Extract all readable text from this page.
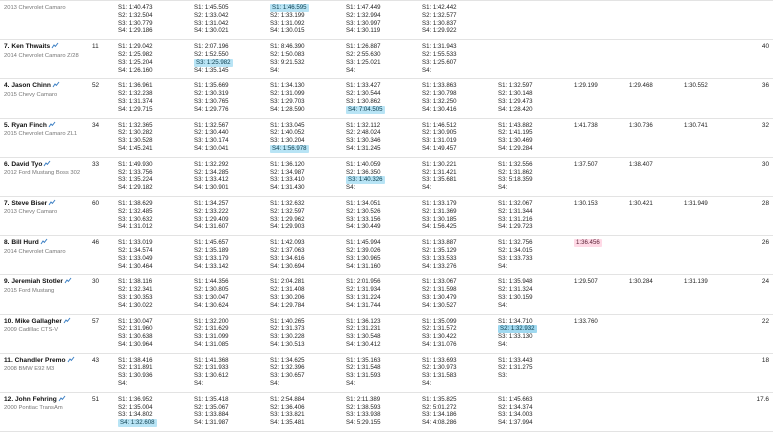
2013 Chevrolet Camaro		S1: 1:40.473
S2: 1:32.504
S3: 1:30.779
S4: 1:29.186

S1: 1:45.505
S2: 1:33.042
S3: 1:31.042
S4: 1:30.021

S1: 1:46.595
S2: 1:33.199
S3: 1:31.092
S4: 1:30.015

S1: 1:47.449
S2: 1:32.994
S3: 1:30.997
S4: 1:30.119

S1: 1:42.442
S2: 1:32.577
S3: 1:30.837
S4: 1:29.922

7. Ken Thwaits
2014 Chevrolet Camaro Z/28
	11	S1: 1:29.042
S2: 1:25.982
S3: 1:25.204
S4: 1:26.160

S1: 2:07.196
S2: 1:52.550
S3: 1:25.982
S4: 1:35.145

S1: 8:46.390
S2: 1:50.083
S3: 9:21.532
S4:

S1: 1:26.887
S2: 2:55.630
S3: 1:25.021
S4:

S1: 1:31.943
S2: 1:55.533
S3: 1:25.607
S4:
					40

4. Jason Chinn
2015 Chevy Camaro
	52	S1: 1:36.961
S2: 1:32.238
S3: 1:31.374
S4: 1:29.715

S1: 1:35.669
S2: 1:30.319
S3: 1:30.765
S4: 1:29.776

S1: 1:34.130
S2: 1:31.099
S3: 1:29.703
S4: 1:28.590

S1: 1:33.427
S2: 1:30.544
S3: 1:30.862
S4: 7:04.505

S1: 1:33.863
S2: 1:30.798
S3: 1:32.250
S4: 1:30.416

S1: 1:32.597
S2: 1:30.148
S3: 1:29.473
S4: 1:28.420

1:29.199	1:29.468	1:30.552	36

5. Ryan Finch
2015 Chevrolet Camaro ZL1
	34	S1: 1:32.365
S2: 1:30.282
S3: 1:30.528
S4: 1:45.241

S1: 1:32.567
S2: 1:30.440
S3: 1:30.174
S4: 1:30.041

S1: 1:33.045
S2: 1:40.052
S3: 1:30.204
S4: 1:56.978

S1: 1:32.112
S2: 2:48.024
S3: 1:30.346
S4: 1:31.245

S1: 1:46.512
S2: 1:30.905
S3: 1:31.019
S4: 1:49.457

S1: 1:43.882
S2: 1:41.195
S3: 1:30.469
S4: 1:29.284

1:41.738	1:30.736	1:30.741	32

6. David Tyo
2012 Ford Mustang Boss 302
	33	S1: 1:49.930
S2: 1:33.756
S3: 1:35.224
S4: 1:29.182

S1: 1:32.292
S2: 1:34.285
S3: 1:33.412
S4: 1:30.901

S1: 1:36.120
S2: 1:34.987
S3: 1:33.410
S4: 1:31.430

S1: 1:40.059
S2: 1:36.350
S3: 1:40.326
S4:

S1: 1:30.221
S2: 1:31.421
S3: 1:35.681
S4:

S1: 1:32.556
S2: 1:31.862
S3: 5:18.359
S4:

1:37.507	1:38.407		30

7. Steve Biser
2013 Chevy Camaro
	60	S1: 1:38.629
S2: 1:32.485
S3: 1:30.632
S4: 1:31.012

S1: 1:34.257
S2: 1:33.222
S3: 1:29.409
S4: 1:31.607

S1: 1:32.632
S2: 1:32.597
S3: 1:29.962
S4: 1:29.903

S1: 1:34.051
S2: 1:30.526
S3: 1:33.156
S4: 1:30.449

S1: 1:33.179
S2: 1:31.369
S3: 1:30.185
S4: 1:56.425

S1: 1:32.067
S2: 1:31.344
S3: 1:31.216
S4: 1:29.723

1:30.153	1:30.421	1:31.949	28

8. Bill Hurd
2014 Chevrolet Camaro
	46	S1: 1:33.019
S2: 1:34.574
S3: 1:33.049
S4: 1:30.464

S1: 1:45.657
S2: 1:35.189
S3: 1:33.179
S4: 1:33.142

S1: 1:42.093
S2: 1:37.063
S3: 1:34.616
S4: 1:30.694

S1: 1:45.994
S2: 1:39.026
S3: 1:30.965
S4: 1:31.160

S1: 1:33.887
S2: 1:35.129
S3: 1:33.533
S4: 1:33.276

S1: 1:32.756
S2: 1:34.015
S3: 1:33.733
S4:

1:36.456			26

9. Jeremiah Stotler
2015 Ford Mustang
	30	S1: 1:38.116
S2: 1:32.341
S3: 1:30.353
S4: 1:30.022

S1: 1:44.356
S2: 1:30.805
S3: 1:30.047
S4: 1:30.624

S1: 2:04.281
S2: 1:31.408
S3: 1:30.206
S4: 1:29.784

S1: 2:01.956
S2: 1:31.934
S3: 1:31.224
S4: 1:31.744

S1: 1:33.067
S2: 1:31.598
S3: 1:30.479
S4: 1:30.527

S1: 1:35.948
S2: 1:31.324
S3: 1:30.159
S4:

1:29.507	1:30.284	1:31.139	24

10. Mike Gallagher
2009 Cadillac CTS-V
	57	S1: 1:30.047
S2: 1:31.960
S3: 1:30.638
S4: 1:30.964

S1: 1:32.200
S2: 1:31.629
S3: 1:31.099
S4: 1:31.085

S1: 1:40.265
S2: 1:31.373
S3: 1:30.228
S4: 1:30.513

S1: 1:36.123
S2: 1:31.231
S3: 1:30.548
S4: 1:30.412

S1: 1:35.099
S2: 1:31.572
S3: 1:30.422
S4: 1:31.076

S1: 1:34.710
S2: 1:32.932
S3: 1:33.130
S4:

1:33.760			22

11. Chandler Premo
2008 BMW E92 M3
	43	S1: 1:38.416
S2: 1:31.891
S3: 1:30.936
S4:

S1: 1:41.368
S2: 1:31.933
S3: 1:30.612
S4:

S1: 1:34.625
S2: 1:32.396
S3: 1:30.657
S4:

S1: 1:35.163
S2: 1:31.548
S3: 1:31.593
S4:

S1: 1:33.693
S2: 1:30.973
S3: 1:31.583
S4:

S1: 1:33.443
S2: 1:31.275
S3:
				18

12. John Fehring
2000 Pontiac TransAm
	51	S1: 1:36.952
S2: 1:35.004
S3: 1:34.802
S4: 1:32.608

S1: 1:35.418
S2: 1:35.067
S3: 1:33.884
S4: 1:31.987

S1: 2:54.884
S2: 1:36.406
S3: 1:33.821
S4: 1:35.481

S1: 2:11.389
S2: 1:38.593
S3: 1:33.938
S4: 5:29.155

S1: 1:35.825
S2: 5:01.272
S3: 1:34.186
S4: 4:08.286

S1: 1:45.663
S2: 1:34.374
S3: 1:34.003
S4: 1:37.994
				17.6
